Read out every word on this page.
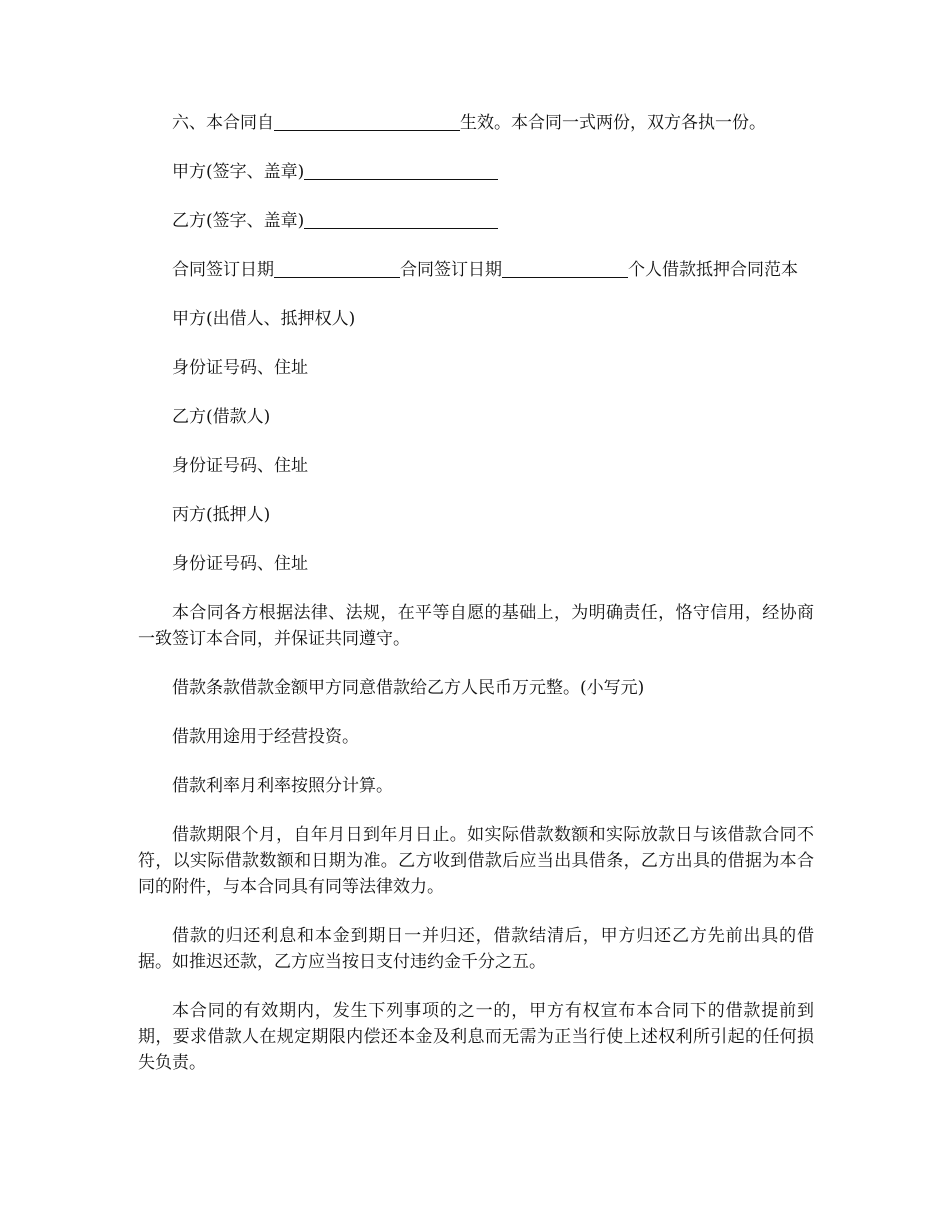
六、本合同自	生效。本合同一式两份，双方各执一份。

甲方(签字、盖章)

乙方(签字、盖章)

合同签订日期	合同签订日期	个人借款抵押合同范本

甲方(出借人、抵押权人)

身份证号码、住址

乙方(借款人)

身份证号码、住址

丙方(抵押人)

身份证号码、住址

本合同各方根据法律、法规，在平等自愿的基础上，为明确责任，恪守信用，经协商一致签订本合同，并保证共同遵守。

借款条款借款金额甲方同意借款给乙方人民币万元整。(小写元)

借款用途用于经营投资。

借款利率月利率按照分计算。

借款期限个月，自年月日到年月日止。如实际借款数额和实际放款日与该借款合同不符，以实际借款数额和日期为准。乙方收到借款后应当出具借条，乙方出具的借据为本合同的附件，与本合同具有同等法律效力。

借款的归还利息和本金到期日一并归还，借款结清后，甲方归还乙方先前出具的借据。如推迟还款，乙方应当按日支付违约金千分之五。

本合同的有效期内，发生下列事项的之一的，甲方有权宣布本合同下的借款提前到期，要求借款人在规定期限内偿还本金及利息而无需为正当行使上述权利所引起的任何损失负责。
